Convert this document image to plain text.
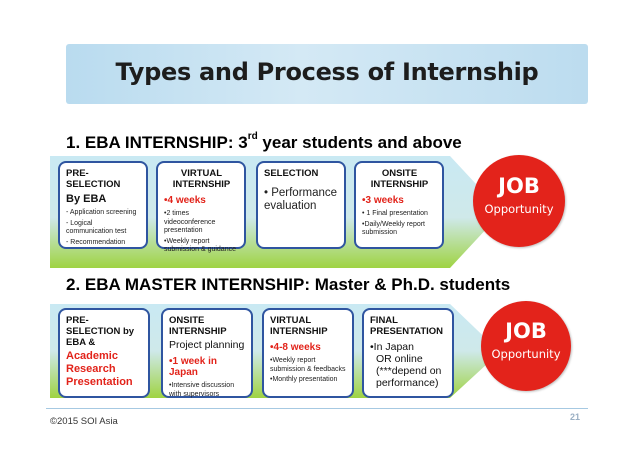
Types and Process of Internship
1. EBA INTERNSHIP: 3rd year students and above
PRE-SELECTION
By EBA
- Application screening
- Logical communication test
- Recommendation
VIRTUAL INTERNSHIP
•4 weeks
•2 times videoconference presentation
•Weekly report submission & guidance
SELECTION
• Performance evaluation
ONSITE INTERNSHIP
•3 weeks
• 1 Final presentation
•Daily/Weekly report submission
JOB
Opportunity
2. EBA MASTER INTERNSHIP: Master & Ph.D. students
PRE-SELECTION by EBA &
Academic
Research
Presentation
ONSITE INTERNSHIP
Project planning
•1 week in Japan
•Intensive discussion with supervisors
VIRTUAL INTERNSHIP
•4-8 weeks
•Weekly report submission & feedbacks
•Monthly presentation
FINAL PRESENTATION
•In Japan
OR online
(***depend on
performance)
JOB
Opportunity
©2015 SOI Asia	21
